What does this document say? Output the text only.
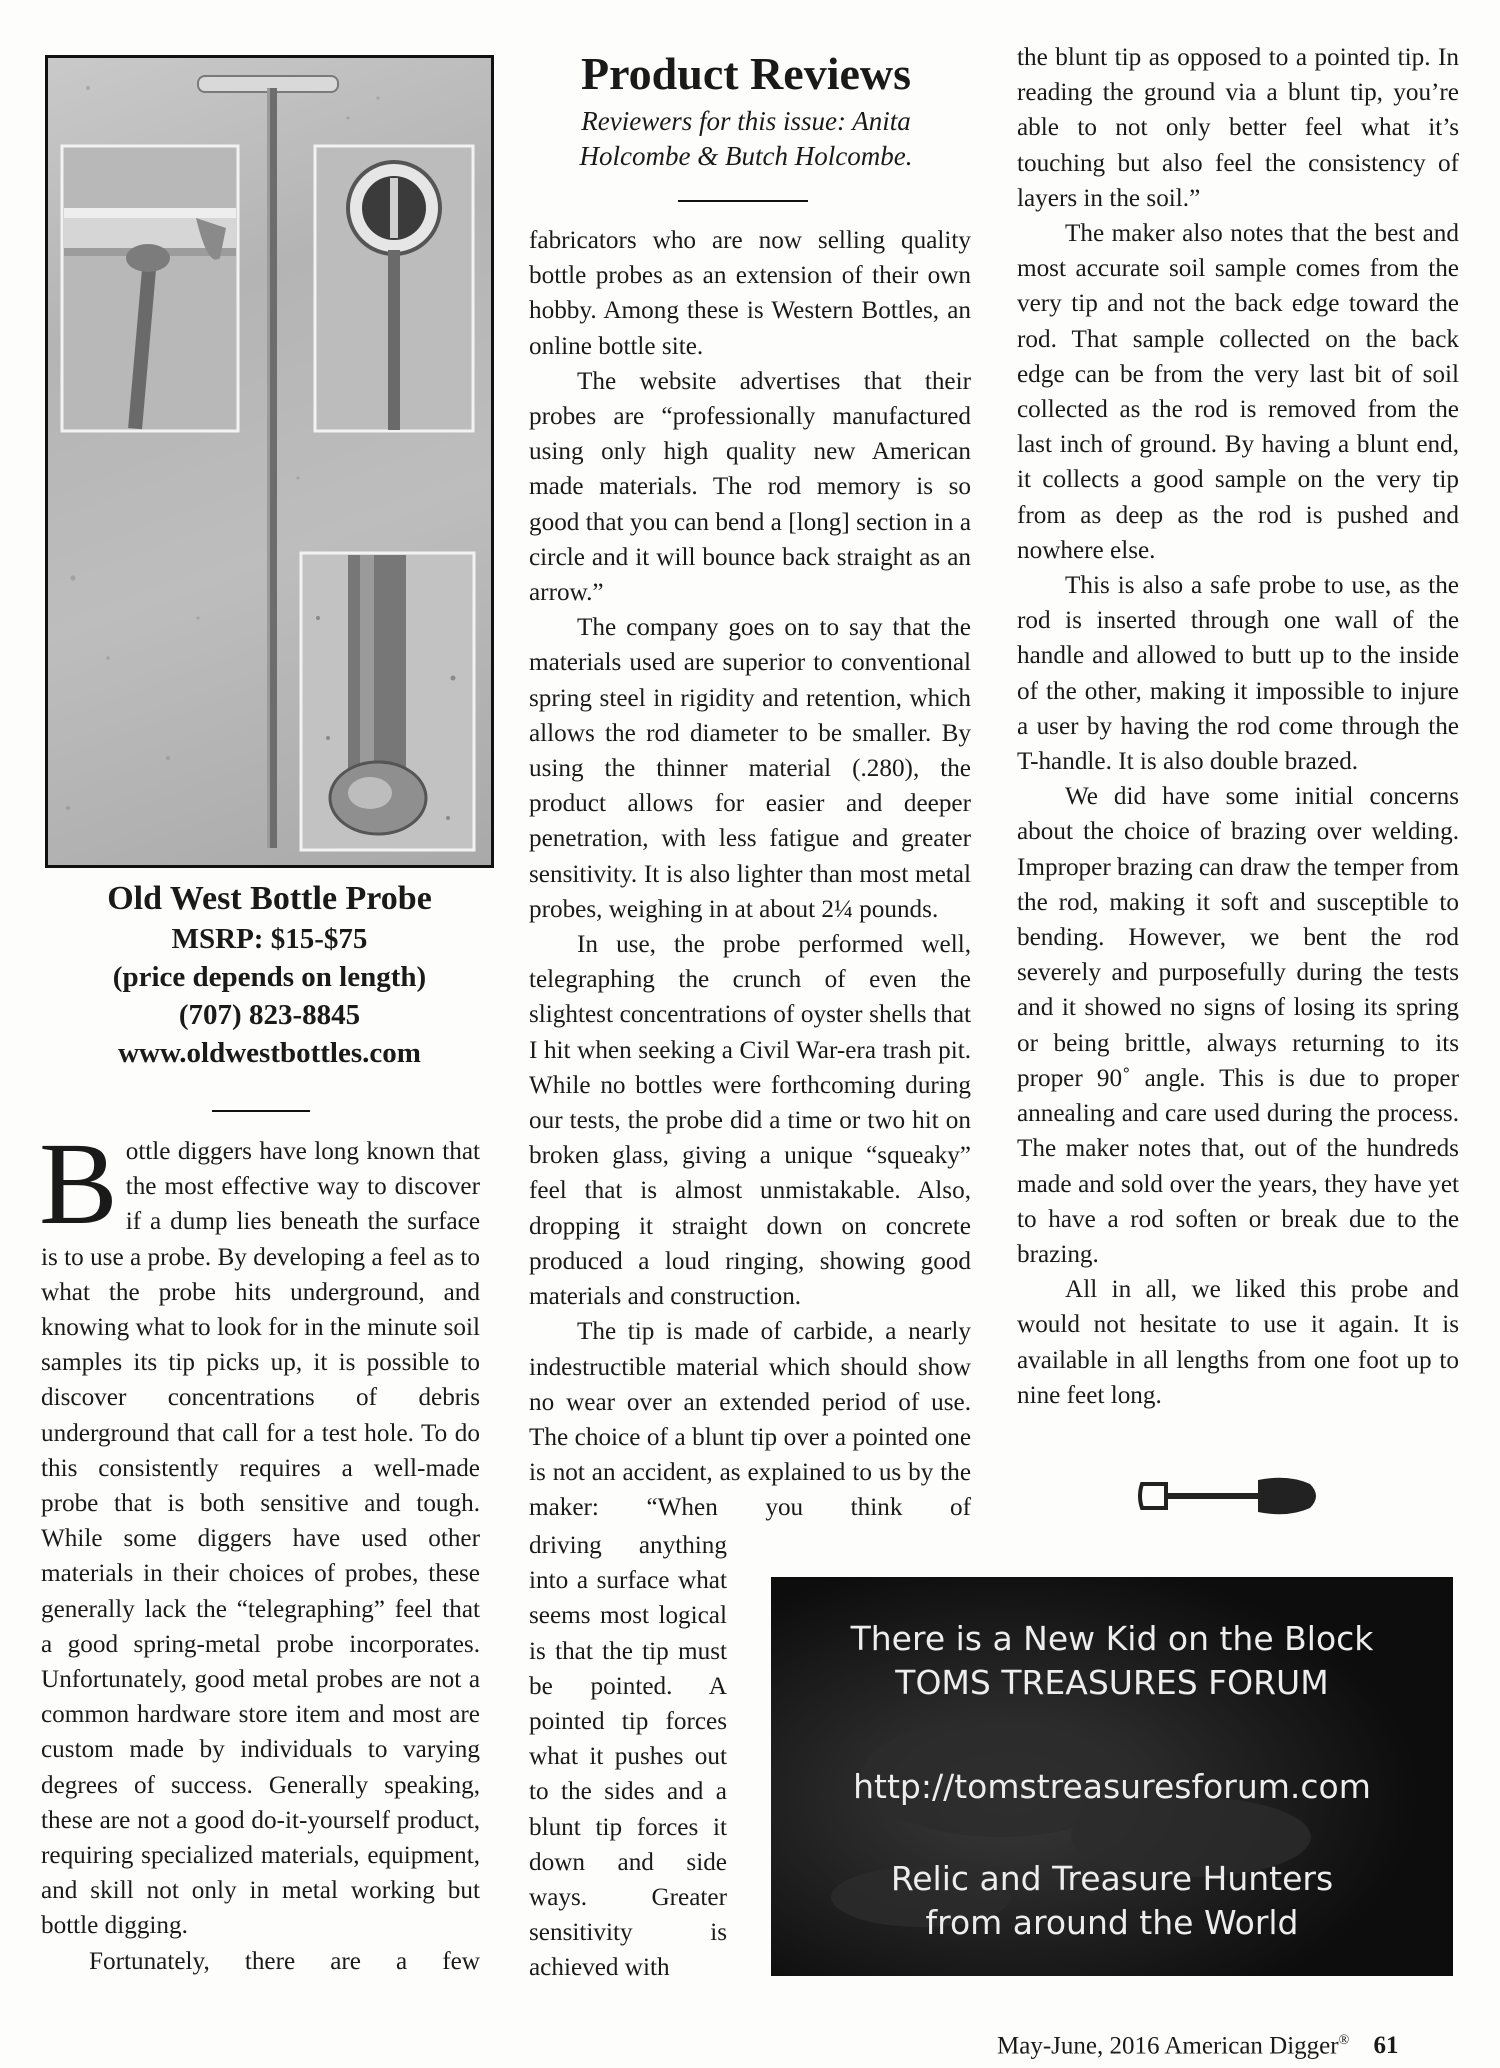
Old West Bottle Probe
MSRP: $15-$75
(price depends on length)
(707) 823-8845
www.oldwestbottles.com

Bottle diggers have long known that the most effective way to discover if a dump lies beneath the surface is to use a probe. By developing a feel as to what the probe hits underground, and knowing what to look for in the minute soil samples its tip picks up, it is possible to discover concentrations of debris underground that call for a test hole. To do this consistently requires a well-made probe that is both sensitive and tough. While some diggers have used other materials in their choices of probes, these generally lack the “telegraphing” feel that a good spring-metal probe incorporates. Unfortunately, good metal probes are not a common hardware store item and most are custom made by individuals to varying degrees of success. Generally speaking, these are not a good do-it-yourself product, requiring specialized materials, equipment, and skill not only in metal working but bottle digging.

Fortunately, there are a few

Product Reviews
Reviewers for this issue: Anita
Holcombe & Butch Holcombe.

fabricators who are now selling quality bottle probes as an extension of their own hobby. Among these is Western Bottles, an online bottle site.

The website advertises that their probes are “professionally manufactured using only high quality new American made materials. The rod memory is so good that you can bend a [long] section in a circle and it will bounce back straight as an arrow.”

The company goes on to say that the materials used are superior to conventional spring steel in rigidity and retention, which allows the rod diameter to be smaller. By using the thinner material (.280), the product allows for easier and deeper penetration, with less fatigue and greater sensitivity. It is also lighter than most metal probes, weighing in at about 2¼ pounds.

In use, the probe performed well, telegraphing the crunch of even the slightest concentrations of oyster shells that I hit when seeking a Civil War-era trash pit. While no bottles were forthcoming during our tests, the probe did a time or two hit on broken glass, giving a unique “squeaky” feel that is almost unmistakable. Also, dropping it straight down on concrete produced a loud ringing, showing good materials and construction.

The tip is made of carbide, a nearly indestructible material which should show no wear over an extended period of use. The choice of a blunt tip over a pointed one is not an accident, as explained to us by the maker: “When you think of

driving anything into a surface what seems most logical is that the tip must be pointed. A pointed tip forces what it pushes out to the sides and a blunt tip forces it down and side ways. Greater sensitivity is achieved with

the blunt tip as opposed to a pointed tip. In reading the ground via a blunt tip, you’re able to not only better feel what it’s touching but also feel the consistency of layers in the soil.”

The maker also notes that the best and most accurate soil sample comes from the very tip and not the back edge toward the rod. That sample collected on the back edge can be from the very last bit of soil collected as the rod is removed from the last inch of ground. By having a blunt end, it collects a good sample on the very tip from as deep as the rod is pushed and nowhere else.

This is also a safe probe to use, as the rod is inserted through one wall of the handle and allowed to butt up to the inside of the other, making it impossible to injure a user by having the rod come through the T-handle. It is also double brazed.

We did have some initial concerns about the choice of brazing over welding. Improper brazing can draw the temper from the rod, making it soft and susceptible to bending. However, we bent the rod severely and purposefully during the tests and it showed no signs of losing its spring or being brittle, always returning to its proper 90˚ angle. This is due to proper annealing and care used during the process. The maker notes that, out of the hundreds made and sold over the years, they have yet to have a rod soften or break due to the brazing.

All in all, we liked this probe and would not hesitate to use it again. It is available in all lengths from one foot up to nine feet long.

There is a New Kid on the Block
TOMS TREASURES FORUM
http://tomstreasuresforum.com
Relic and Treasure Hunters
from around the World
May-June, 2016 American Digger® 61
